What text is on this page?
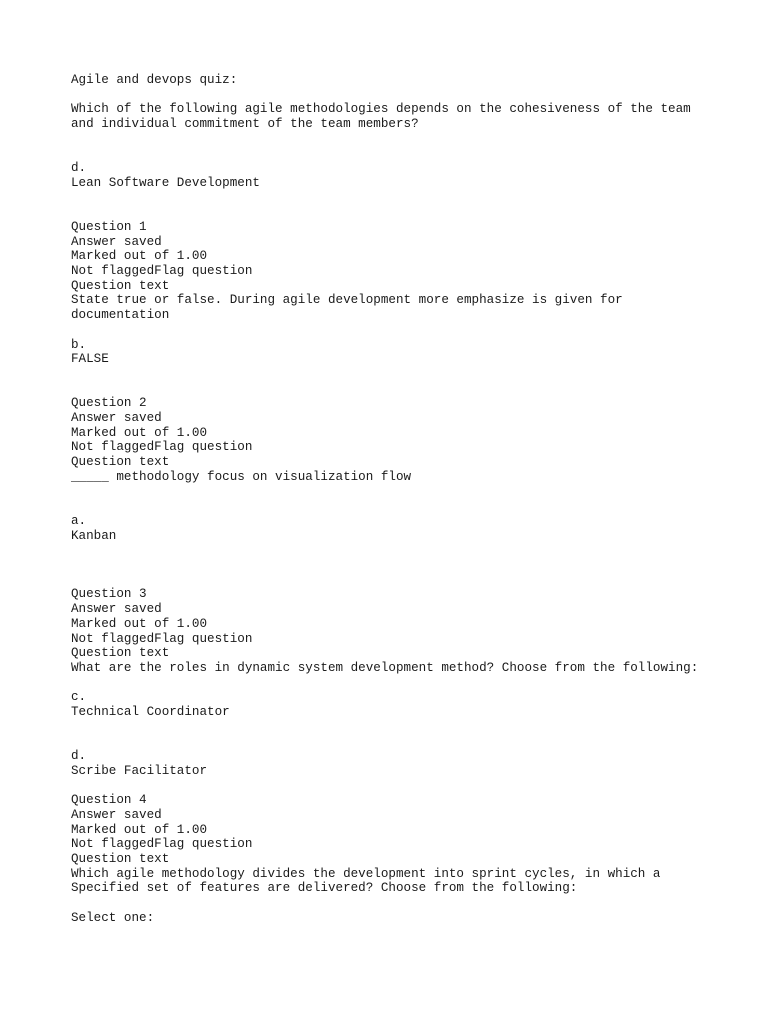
Agile and devops quiz:
Which of the following agile methodologies depends on the cohesiveness of the team
and individual commitment of the team members?
d.
Lean Software Development
Question 1
Answer saved
Marked out of 1.00
Not flaggedFlag question
Question text
State true or false. During agile development more emphasize is given for
documentation
b.
FALSE
Question 2
Answer saved
Marked out of 1.00
Not flaggedFlag question
Question text
_____ methodology focus on visualization flow
a.
Kanban
Question 3
Answer saved
Marked out of 1.00
Not flaggedFlag question
Question text
What are the roles in dynamic system development method? Choose from the following:
c.
Technical Coordinator
d.
Scribe Facilitator
Question 4
Answer saved
Marked out of 1.00
Not flaggedFlag question
Question text
Which agile methodology divides the development into sprint cycles, in which a
Specified set of features are delivered? Choose from the following:
Select one:
